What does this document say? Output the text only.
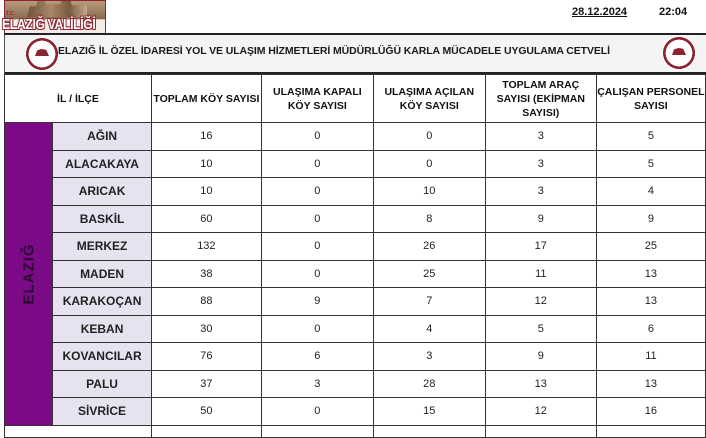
T.C.
ELAZIĞ VALİLİĞİ
28.12.2024	22:04
ELAZIĞ İL ÖZEL İDARESİ YOL VE ULAŞIM HİZMETLERİ MÜDÜRLÜĞÜ KARLA MÜCADELE UYGULAMA CETVELİ
İL / İLÇE		TOPLAM KÖY SAYISI	ULAŞIMA KAPALI KÖY SAYISI	ULAŞIMA AÇILAN KÖY SAYISI	TOPLAM ARAÇ SAYISI (EKİPMAN SAYISI)	ÇALIŞAN PERSONEL SAYISI

ELAZIĞ	AĞIN	16	0	0	3	5
	ALACAKAYA	10	0	0	3	5
	ARICAK	10	0	10	3	4
	BASKİL	60	0	8	9	9
	MERKEZ	132	0	26	17	25
	MADEN	38	0	25	11	13
	KARAKOÇAN	88	9	7	12	13
	KEBAN	30	0	4	5	6
	KOVANCILAR	76	6	3	9	11
	PALU	37	3	28	13	13
	SİVRİCE	50	0	15	12	16
